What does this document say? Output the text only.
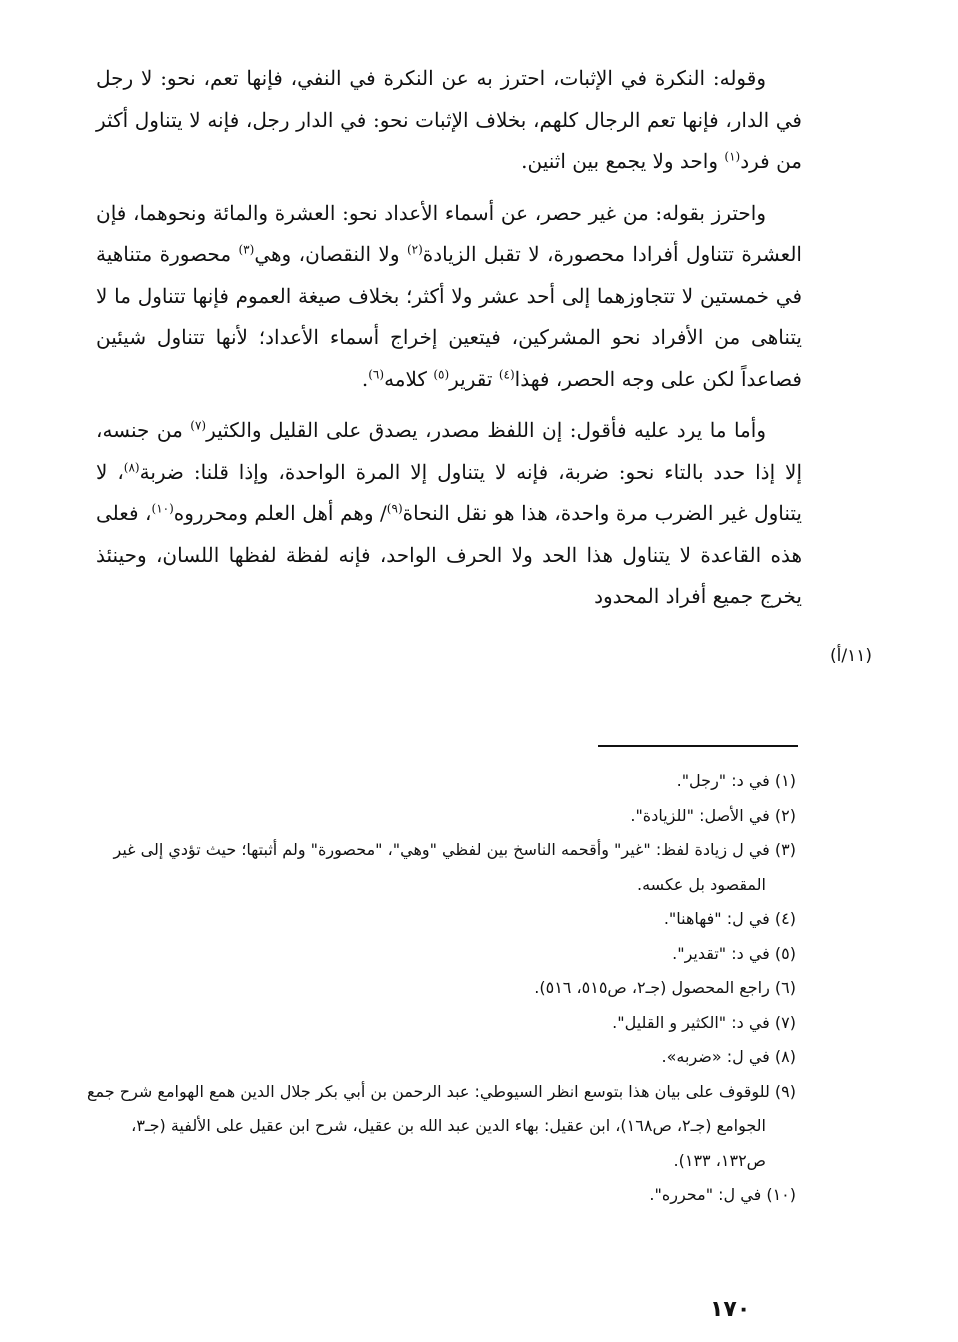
وقوله: النكرة في الإثبات، احترز به عن النكرة في النفي، فإنها تعم، نحو: لا رجل في الدار، فإنها تعم الرجال كلهم، بخلاف الإثبات نحو: في الدار رجل، فإنه لا يتناول أكثر من فرد$^{(١)}$ واحد ولا يجمع بين اثنين.

واحترز بقوله: من غير حصر، عن أسماء الأعداد نحو: العشرة والمائة ونحوهما، فإن العشرة تتناول أفرادا محصورة، لا تقبل الزيادة$^{(٢)}$ ولا النقصان، وهي$^{(٣)}$ محصورة متناهية في خمستين لا تتجاوزهما إلى أحد عشر ولا أكثر؛ بخلاف صيغة العموم فإنها تتناول ما لا يتناهى من الأفراد نحو المشركين، فيتعين إخراج أسماء الأعداد؛ لأنها تتناول شيئين فصاعداً لكن على وجه الحصر، فهذا$^{(٤)}$ تقرير$^{(٥)}$ كلامه$^{(٦)}$.

وأما ما يرد عليه فأقول: إن اللفظ مصدر، يصدق على القليل والكثير$^{(٧)}$ من جنسه، إلا إذا حدد بالتاء نحو: ضربة، فإنه لا يتناول إلا المرة الواحدة، وإذا قلنا: ضربة$^{(٨)}$، لا يتناول غير الضرب مرة واحدة، هذا هو نقل النحاة$^{(٩)}$/ وهم أهل العلم ومحرروه$^{(١٠)}$، فعلى هذه القاعدة لا يتناول هذا الحد ولا الحرف الواحد، فإنه لفظة لفظها اللسان، وحينئذ يخرج جميع أفراد المحدود

(١١/أ)

(١) في د: "رجل".

(٢) في الأصل: "للزيادة".

(٣) في ل زيادة لفظ: "غير" وأقحمه الناسخ بين لفظي "وهي"، "محصورة" ولم أثبتها؛ حيث تؤدي إلى غير المقصود بل عكسه.

(٤) في ل: "فهاهنا".

(٥) في د: "تقدير".

(٦) راجع المحصول (جـ٢، ص٥١٥، ٥١٦).

(٧) في د: "الكثير و القليل".

(٨) في ل: «ضربه».

(٩) للوقوف على بيان هذا بتوسع انظر السيوطي: عبد الرحمن بن أبي بكر جلال الدين همع الهوامع شرح جمع الجوامع (جـ٢، ص١٦٨)، ابن عقيل: بهاء الدين عبد الله بن عقيل، شرح ابن عقيل على الألفية (جـ٣، ص١٣٢، ١٣٣).

(١٠) في ل: "محرره".

١٧٠
